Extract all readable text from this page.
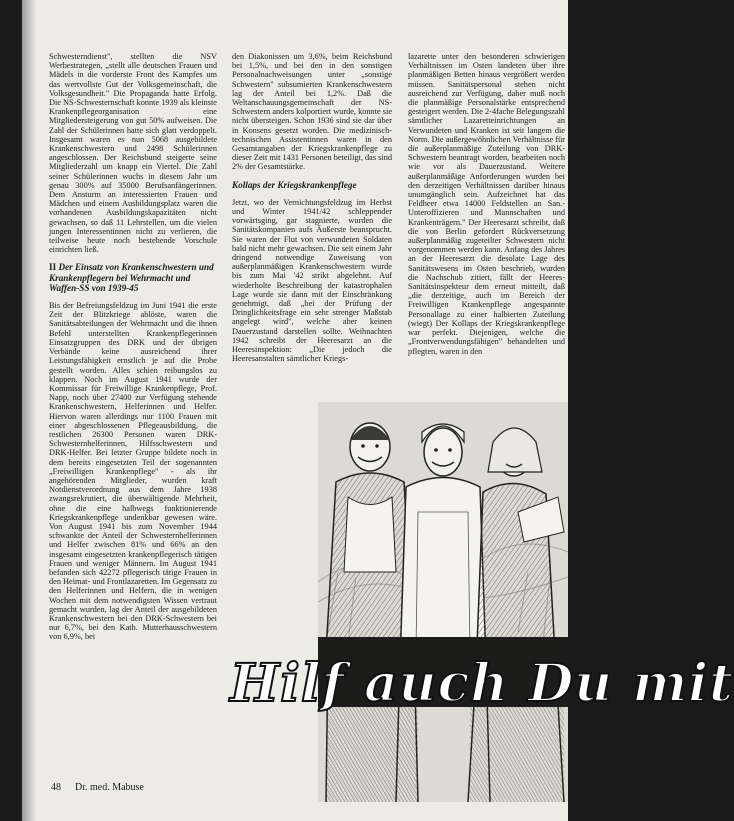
Schwesterndienst", stellten die NSV Werbestrategen, „stellt alle deutschen Frauen und Mädels in die vorderste Front des Kampfes um das wertvollste Gut der Volksgemeinschaft, die Volksgesundheit." Die Propaganda hatte Erfolg. Die NS-Schwesternschaft konnte 1939 als kleinste Krankenpflegeorganisation eine Mitgliedersteigerung von gut 50% aufweisen. Die Zahl der Schülerinnen hatte sich glatt verdoppelt. Insgesamt waren es nun 5068 ausgebildete Krankenschwestern und 2498 Schülerinnen angeschlossen. Der Reichsbund steigerte seine Mitgliederzahl um knapp ein Viertel. Die Zahl seiner Schülerinnen wuchs in diesem Jahr um genau 300% auf 35000 Berufsanfängerinnen. Dem Ansturm an interessierten Frauen und Mädchen und einem Ausbildungsplatz waren die vorhandenen Ausbildungskapazitäten nicht gewachsen, so daß 11 Lehrstellen, um die vielen jungen Interessentinnen nicht zu verlieren, die teilweise heute noch bestehende Vorschule einrichten ließ.

II Der Einsatz von Krankenschwestern und Krankenpflegern bei Wehrmacht und Waffen-SS von 1939-45

Bis der Befreiungsfeldzug im Juni 1941 die erste Zeit der Blitzkriege ablöste, waren die Sanitätsabteilungen der Wehrmacht und die ihnen Befehl unterstellten Krankenpflegerinnen Einsatzgruppen des DRK und der übrigen Verbände keine ausreichend ihrer Leistungsfähigkeit ernstlich je auf die Probe gestellt worden. Alles schien reibungslos zu klappen. Noch im August 1941 wurde der Kommissar für Freiwillige Krankenpflege, Prof. Napp, noch über 27400 zur Verfügung stehende Krankenschwestern, Helferinnen und Helfer. Hiervon waren allerdings nur 1100 Frauen mit einer abgeschlossenen Pflegeausbildung, die restlichen 26300 Personen waren DRK-Schwesternhelferinnen, Hilfsschwestern und DRK-Helfer. Bei letzter Gruppe bildete noch in dem bereits eingesetzten Teil der sogenannten „Freiwilligen Krankenpflege" - als ihr angehörenden Mitglieder, wurden kraft Notdienstverordnung aus dem Jahre 1938 zwangsrekrutiert, die überwältigende Mehrheit, ohne die eine halbwegs funktionierende Kriegskrankenpflege undenkbar gewesen wäre. Von August 1941 bis zum November 1944 schwankte der Anteil der Schwesternhelferinnen und Helfer zwischen 81% und 66% an den insgesamt eingesetzten krankenpflegerisch tätigen Frauen und weniger Männern. Im August 1941 befanden sich 42272 pflegerisch tätige Frauen in den Heimat- und Frontlazaretten. Im Gegensatz zu den Helferinnen und Helfern, die in wenigen Wochen mit dem notwendigsten Wissen vertraut gemacht wurden, lag der Anteil der ausgebildeten Krankenschwestern bei den DRK-Schwestern bei nur 6,7%, bei den Kath. Mutterhausschwestern von 6,9%, bei

den Diakonissen um 3,6%, beim Reichsbund bei 1,5%, und bei den in den sonstigen Personalnachweisungen unter „sonstige Schwestern" subsumierten Krankenschwestern lag der Anteil bei 1,2%. Daß die Weltanschauungsgemeinschaft der NS-Schwestern anders kolportiert wurde, konnte sie nicht übersteigen. Schon 1936 sind sie dar über in Konsens gesetzt worden. Die medizinisch-technischen Assistentinnen waren in den Gesamtangaben der Kriegskrankenpflege zu dieser Zeit mit 1431 Personen beteiligt, das sind 2% der Gesamtstärke.

Kollaps der Kriegskrankenpflege

Jetzt, wo der Vernichtungsfeldzug im Herbst und Winter 1941/42 schleppender vorwärtsging, gar stagnierte, wurden die Sanitätskompanien aufs Äußerste beansprucht. Sie waren der Flut von verwundeten Soldaten bald nicht mehr gewachsen. Die seit einem Jahr dringend notwendige Zuweisung von außerplanmäßigen Krankenschwestern wurde bis zum Mai '42 strikt abgelehnt. Auf wiederholte Beschreibung der katastrophalen Lage wurde sie dann mit der Einschränkung genehmigt, daß „bei der Prüfung der Dringlichkeitsfrage ein sehr strenger Maßstab angelegt wird", welche aber keinen Dauerzustand darstellen sollte. Weihnachten 1942 schreibt der Heeresarzt an die Heeresinspektion: „Die jedoch die Heeresanstalten sämtlicher Kriegs-

lazarette unter den besonderen schwierigen Verhältnissen im Osten landeten über ihre planmäßigen Betten hinaus vergrößert werden müssen. Sanitätspersonal stehen nicht ausreichend zur Verfügung, daher muß noch die planmäßige Personalstärke entsprechend gesteigert werden. Die 2-4fache Belegungszahl sämtlicher Lazaretteinrichtungen an Verwundeten und Kranken ist seit langem die Norm. Die außergewöhnlichen Verhältnisse für die außerplanmäßige Zuteilung von DRK-Schwestern beantragt worden, bearbeiten noch wie vor als Dauerzustand. Weitere außerplanmäßige Anforderungen wurden bei den derzeitigen Verhältnissen darüber hinaus unumgänglich sein. Aufzeichnet hat das Feldheer etwa 14000 Feldstellen an San.-Unteroffizieren und Mannschaften und Krankenträgern." Der Heeresarzt schreibt, daß die von Berlin gefordert Rückversetzung außerplanmäßig zugeteilter Schwestern nicht vorgenommen werden kann. Anfang des Jahres an der Heeresarzt die desolate Lage des Sanitätswesens im Osten beschrieb, wurden die Nachschub zitiert, fällt der Heeres-Sanitätsinspekteur dem erneut mitteilt, daß „die derzeitige, auch im Bereich der Freiwilligen Krankenpflege angespannte Personallage zu einer halbierten Zuteilung (wiegt) Der Kollaps der Kriegskrankenpflege war perfekt. Diejenigen, welche die „Frontverwendungsfähigen" behandelten und pflegten, waren in den

Hilf auch Du mit
48 Dr. med. Mabuse
